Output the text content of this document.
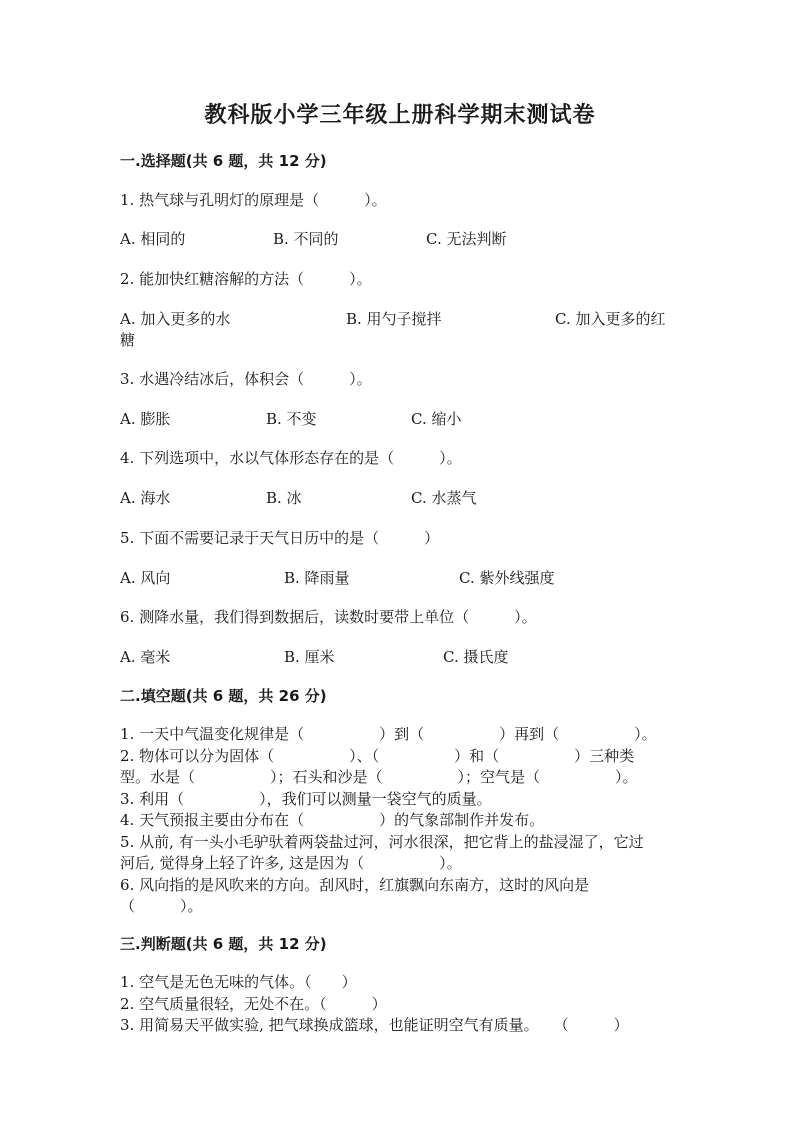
教科版小学三年级上册科学期末测试卷
一.选择题(共 6 题，共 12 分)
1. 热气球与孔明灯的原理是（　　　）。
A. 相同的	B. 不同的	C. 无法判断
2. 能加快红糖溶解的方法（　　　）。
A. 加入更多的水	B. 用勺子搅拌	C. 加入更多的红
糖
3. 水遇冷结冰后，体积会（　　　）。
A. 膨胀	B. 不变	C. 缩小
4. 下列选项中，水以气体形态存在的是（　　　）。
A. 海水	B. 冰	C. 水蒸气
5. 下面不需要记录于天气日历中的是（　　　）
A. 风向	B. 降雨量	C. 紫外线强度
6. 测降水量，我们得到数据后，读数时要带上单位（　　　）。
A. 毫米	B. 厘米	C. 摄氏度
二.填空题(共 6 题，共 26 分)
1. 一天中气温变化规律是（　　　　　）到（　　　　　）再到（　　　　　）。
2. 物体可以分为固体（　　　　　）、（　　　　　）和（　　　　　）三种类
型。水是（　　　　　）；石头和沙是（　　　　　）；空气是（　　　　　）。
3. 利用（　　　　　），我们可以测量一袋空气的质量。
4. 天气预报主要由分布在（　　　　　）的气象部制作并发布。
5. 从前, 有一头小毛驴驮着两袋盐过河，河水很深，把它背上的盐浸湿了，它过
河后, 觉得身上轻了许多, 这是因为（　　　　　）。
6. 风向指的是风吹来的方向。刮风时，红旗飘向东南方，这时的风向是
（　　　）。
三.判断题(共 6 题，共 12 分)
1. 空气是无色无味的气体。（　　）
2. 空气质量很轻，无处不在。（　　　）
3. 用简易天平做实验, 把气球换成篮球，也能证明空气有质量。　　（　　　）
